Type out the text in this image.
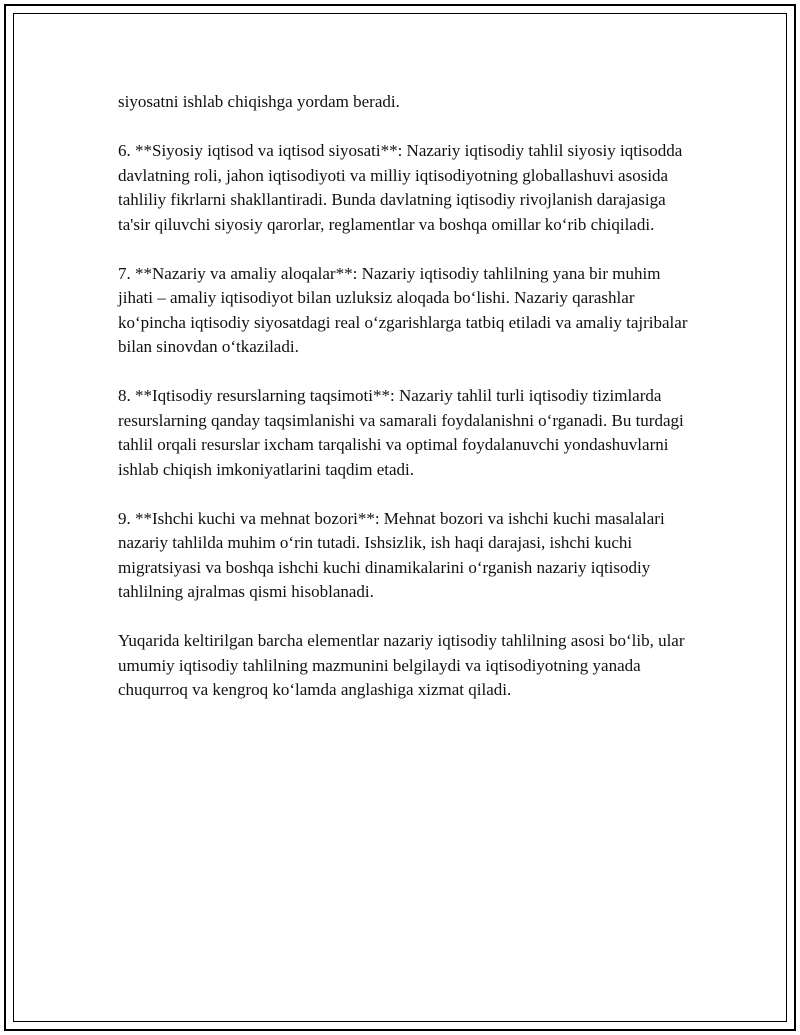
siyosatni ishlab chiqishga yordam beradi.

6. **Siyosiy iqtisod va iqtisod siyosati**: Nazariy iqtisodiy tahlil siyosiy iqtisodda davlatning roli, jahon iqtisodiyoti va milliy iqtisodiyotning globallashuvi asosida tahliliy fikrlarni shakllantiradi. Bunda davlatning iqtisodiy rivojlanish darajasiga ta'sir qiluvchi siyosiy qarorlar, reglamentlar va boshqa omillar ko‘rib chiqiladi.

7. **Nazariy va amaliy aloqalar**: Nazariy iqtisodiy tahlilning yana bir muhim jihati – amaliy iqtisodiyot bilan uzluksiz aloqada bo‘lishi. Nazariy qarashlar ko‘pincha iqtisodiy siyosatdagi real o‘zgarishlarga tatbiq etiladi va amaliy tajribalar bilan sinovdan o‘tkaziladi.

8. **Iqtisodiy resurslarning taqsimoti**: Nazariy tahlil turli iqtisodiy tizimlarda resurslarning qanday taqsimlanishi va samarali foydalanishni o‘rganadi. Bu turdagi tahlil orqali resurslar ixcham tarqalishi va optimal foydalanuvchi yondashuvlarni ishlab chiqish imkoniyatlarini taqdim etadi.

9. **Ishchi kuchi va mehnat bozori**: Mehnat bozori va ishchi kuchi masalalari nazariy tahlilda muhim o‘rin tutadi. Ishsizlik, ish haqi darajasi, ishchi kuchi migratsiyasi va boshqa ishchi kuchi dinamikalarini o‘rganish nazariy iqtisodiy tahlilning ajralmas qismi hisoblanadi.

Yuqarida keltirilgan barcha elementlar nazariy iqtisodiy tahlilning asosi bo‘lib, ular umumiy iqtisodiy tahlilning mazmunini belgilaydi va iqtisodiyotning yanada chuqurroq va kengroq ko‘lamda anglashiga xizmat qiladi.
